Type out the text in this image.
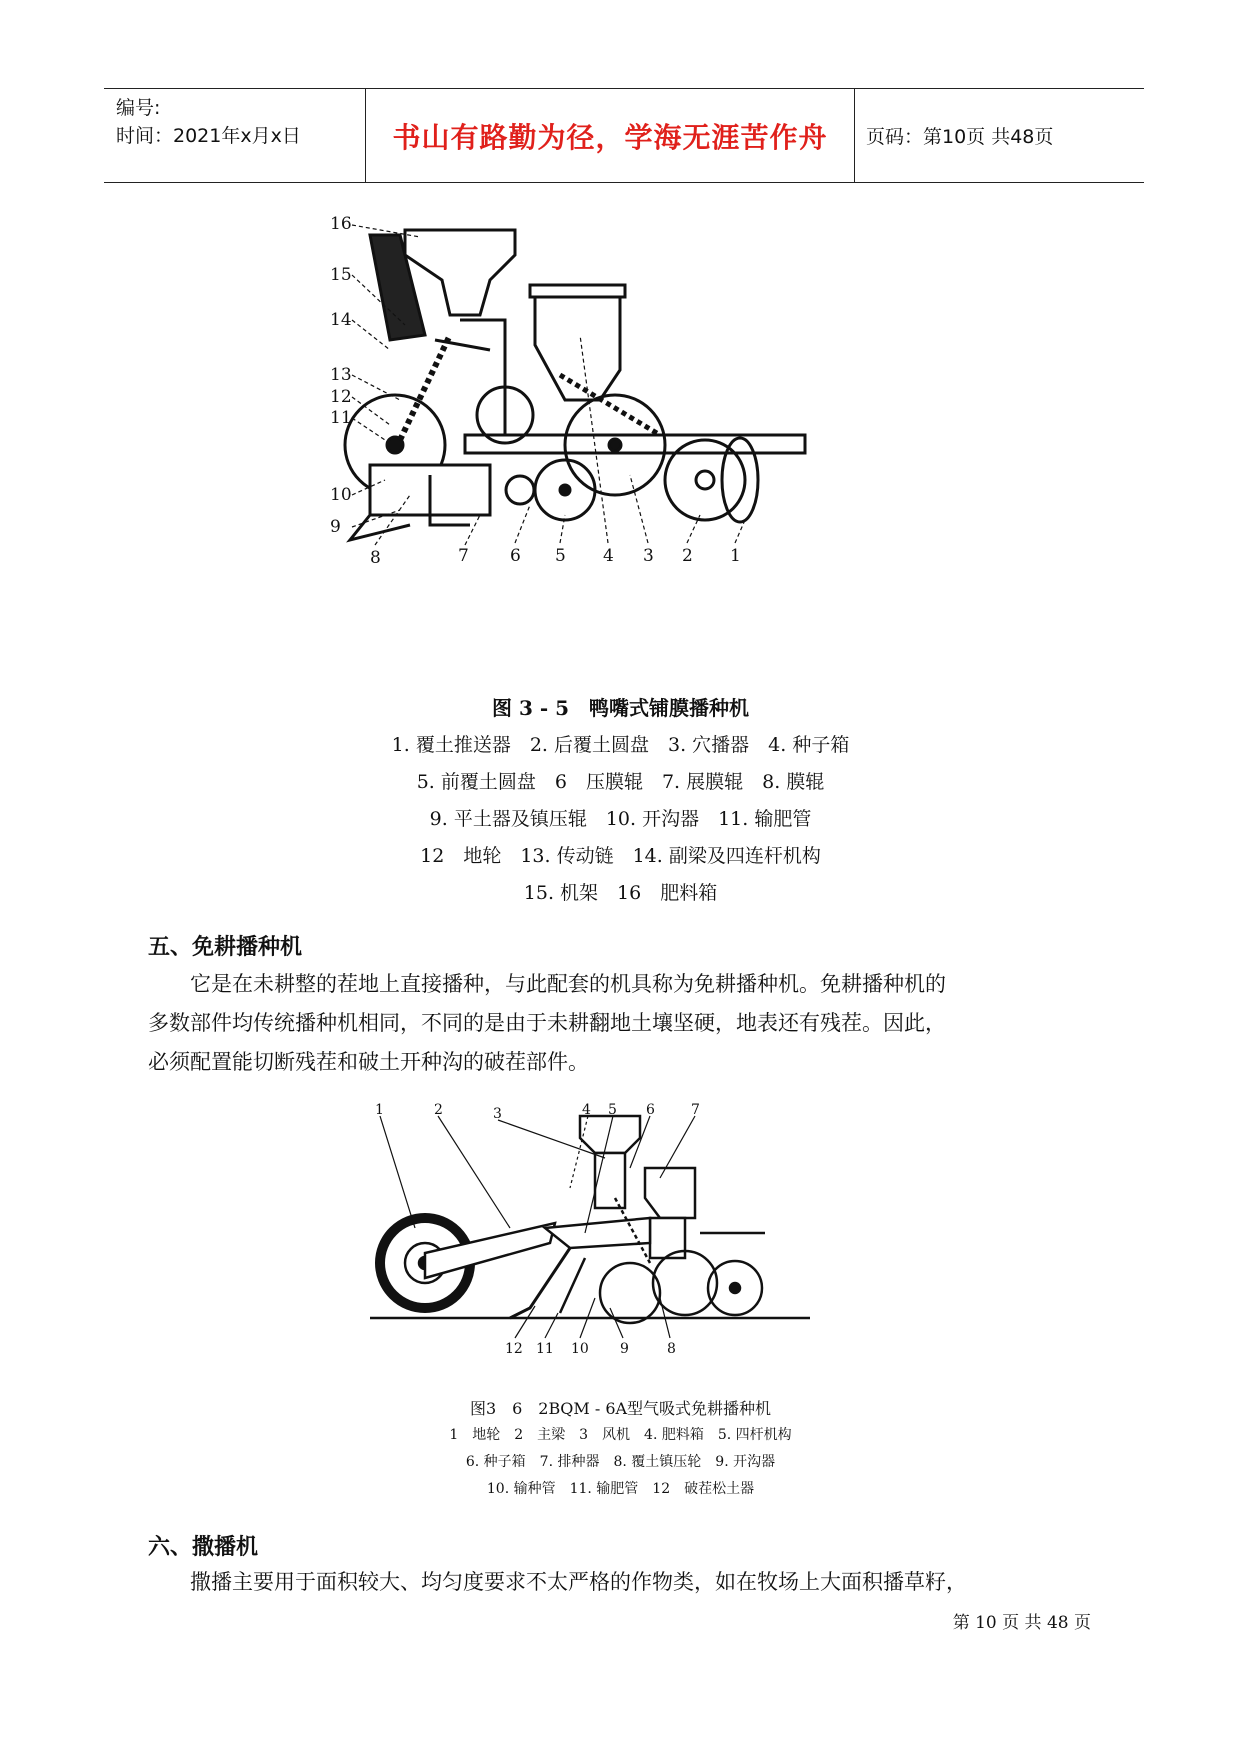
编号:
时间：2021年x月x日	书山有路勤为径，学海无涯苦作舟 页码：第10页 共48页
16
15
14
13
12
11
10
9
8	7 6 5 4 3 2 1
图 3 - 5　鸭嘴式铺膜播种机
1. 覆土推送器　2. 后覆土圆盘　3. 穴播器　4. 种子箱
5. 前覆土圆盘　6　压膜辊　7. 展膜辊　8. 膜辊
9. 平土器及镇压辊　10. 开沟器　11. 输肥管
12　地轮　13. 传动链　14. 副梁及四连杆机构
15. 机架　16　肥料箱
五、免耕播种机
它是在未耕整的茬地上直接播种，与此配套的机具称为免耕播种机。免耕播种机的
多数部件均传统播种机相同，不同的是由于未耕翻地土壤坚硬，地表还有残茬。因此，
必须配置能切断残茬和破土开种沟的破茬部件。
1	2	3	4 5 6	7
12 11 10 9	8
图3　6　2BQM - 6A型气吸式免耕播种机
1　地轮　2　主梁　3　风机　4. 肥料箱　5. 四杆机构
6. 种子箱　7. 排种器　8. 覆土镇压轮　9. 开沟器
10. 输种管　11. 输肥管　12　破茬松土器
六、撒播机
撒播主要用于面积较大、均匀度要求不太严格的作物类，如在牧场上大面积播草籽，
第 10 页 共 48 页
